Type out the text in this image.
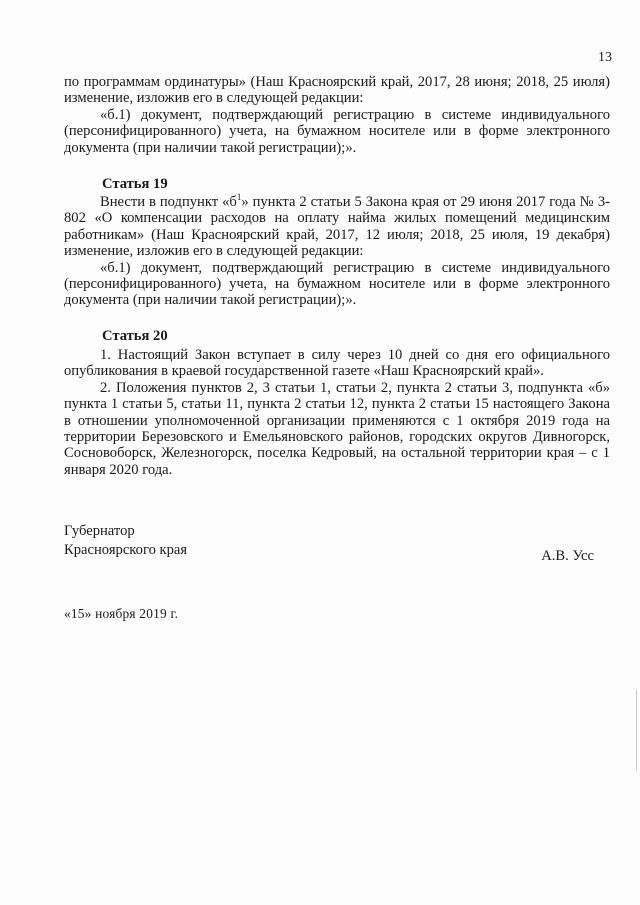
13

по программам ординатуры» (Наш Красноярский край, 2017, 28 июня; 2018, 25 июля) изменение, изложив его в следующей редакции:

«б.1) документ, подтверждающий регистрацию в системе индивидуального (персонифицированного) учета, на бумажном носителе или в форме электронного документа (при наличии такой регистрации);».

Статья 19

Внести в подпункт «$б^1$» пункта 2 статьи 5 Закона края от 29 июня 2017 года № 3-802 «О компенсации расходов на оплату найма жилых помещений медицинским работникам» (Наш Красноярский край, 2017, 12 июля; 2018, 25 июля, 19 декабря) изменение, изложив его в следующей редакции:

«б.1) документ, подтверждающий регистрацию в системе индивидуального (персонифицированного) учета, на бумажном носителе или в форме электронного документа (при наличии такой регистрации);».

Статья 20

1. Настоящий Закон вступает в силу через 10 дней со дня его официального опубликования в краевой государственной газете «Наш Красноярский край».

2. Положения пунктов 2, 3 статьи 1, статьи 2, пункта 2 статьи 3, подпункта «б» пункта 1 статьи 5, статьи 11, пункта 2 статьи 12, пункта 2 статьи 15 настоящего Закона в отношении уполномоченной организации применяются с 1 октября 2019 года на территории Березовского и Емельяновского районов, городских округов Дивногорск, Сосновоборск, Железногорск, поселка Кедровый, на остальной территории края – с 1 января 2020 года.

Губернатор
Красноярского края	А.В. Усс
«15» ноября 2019 г.
